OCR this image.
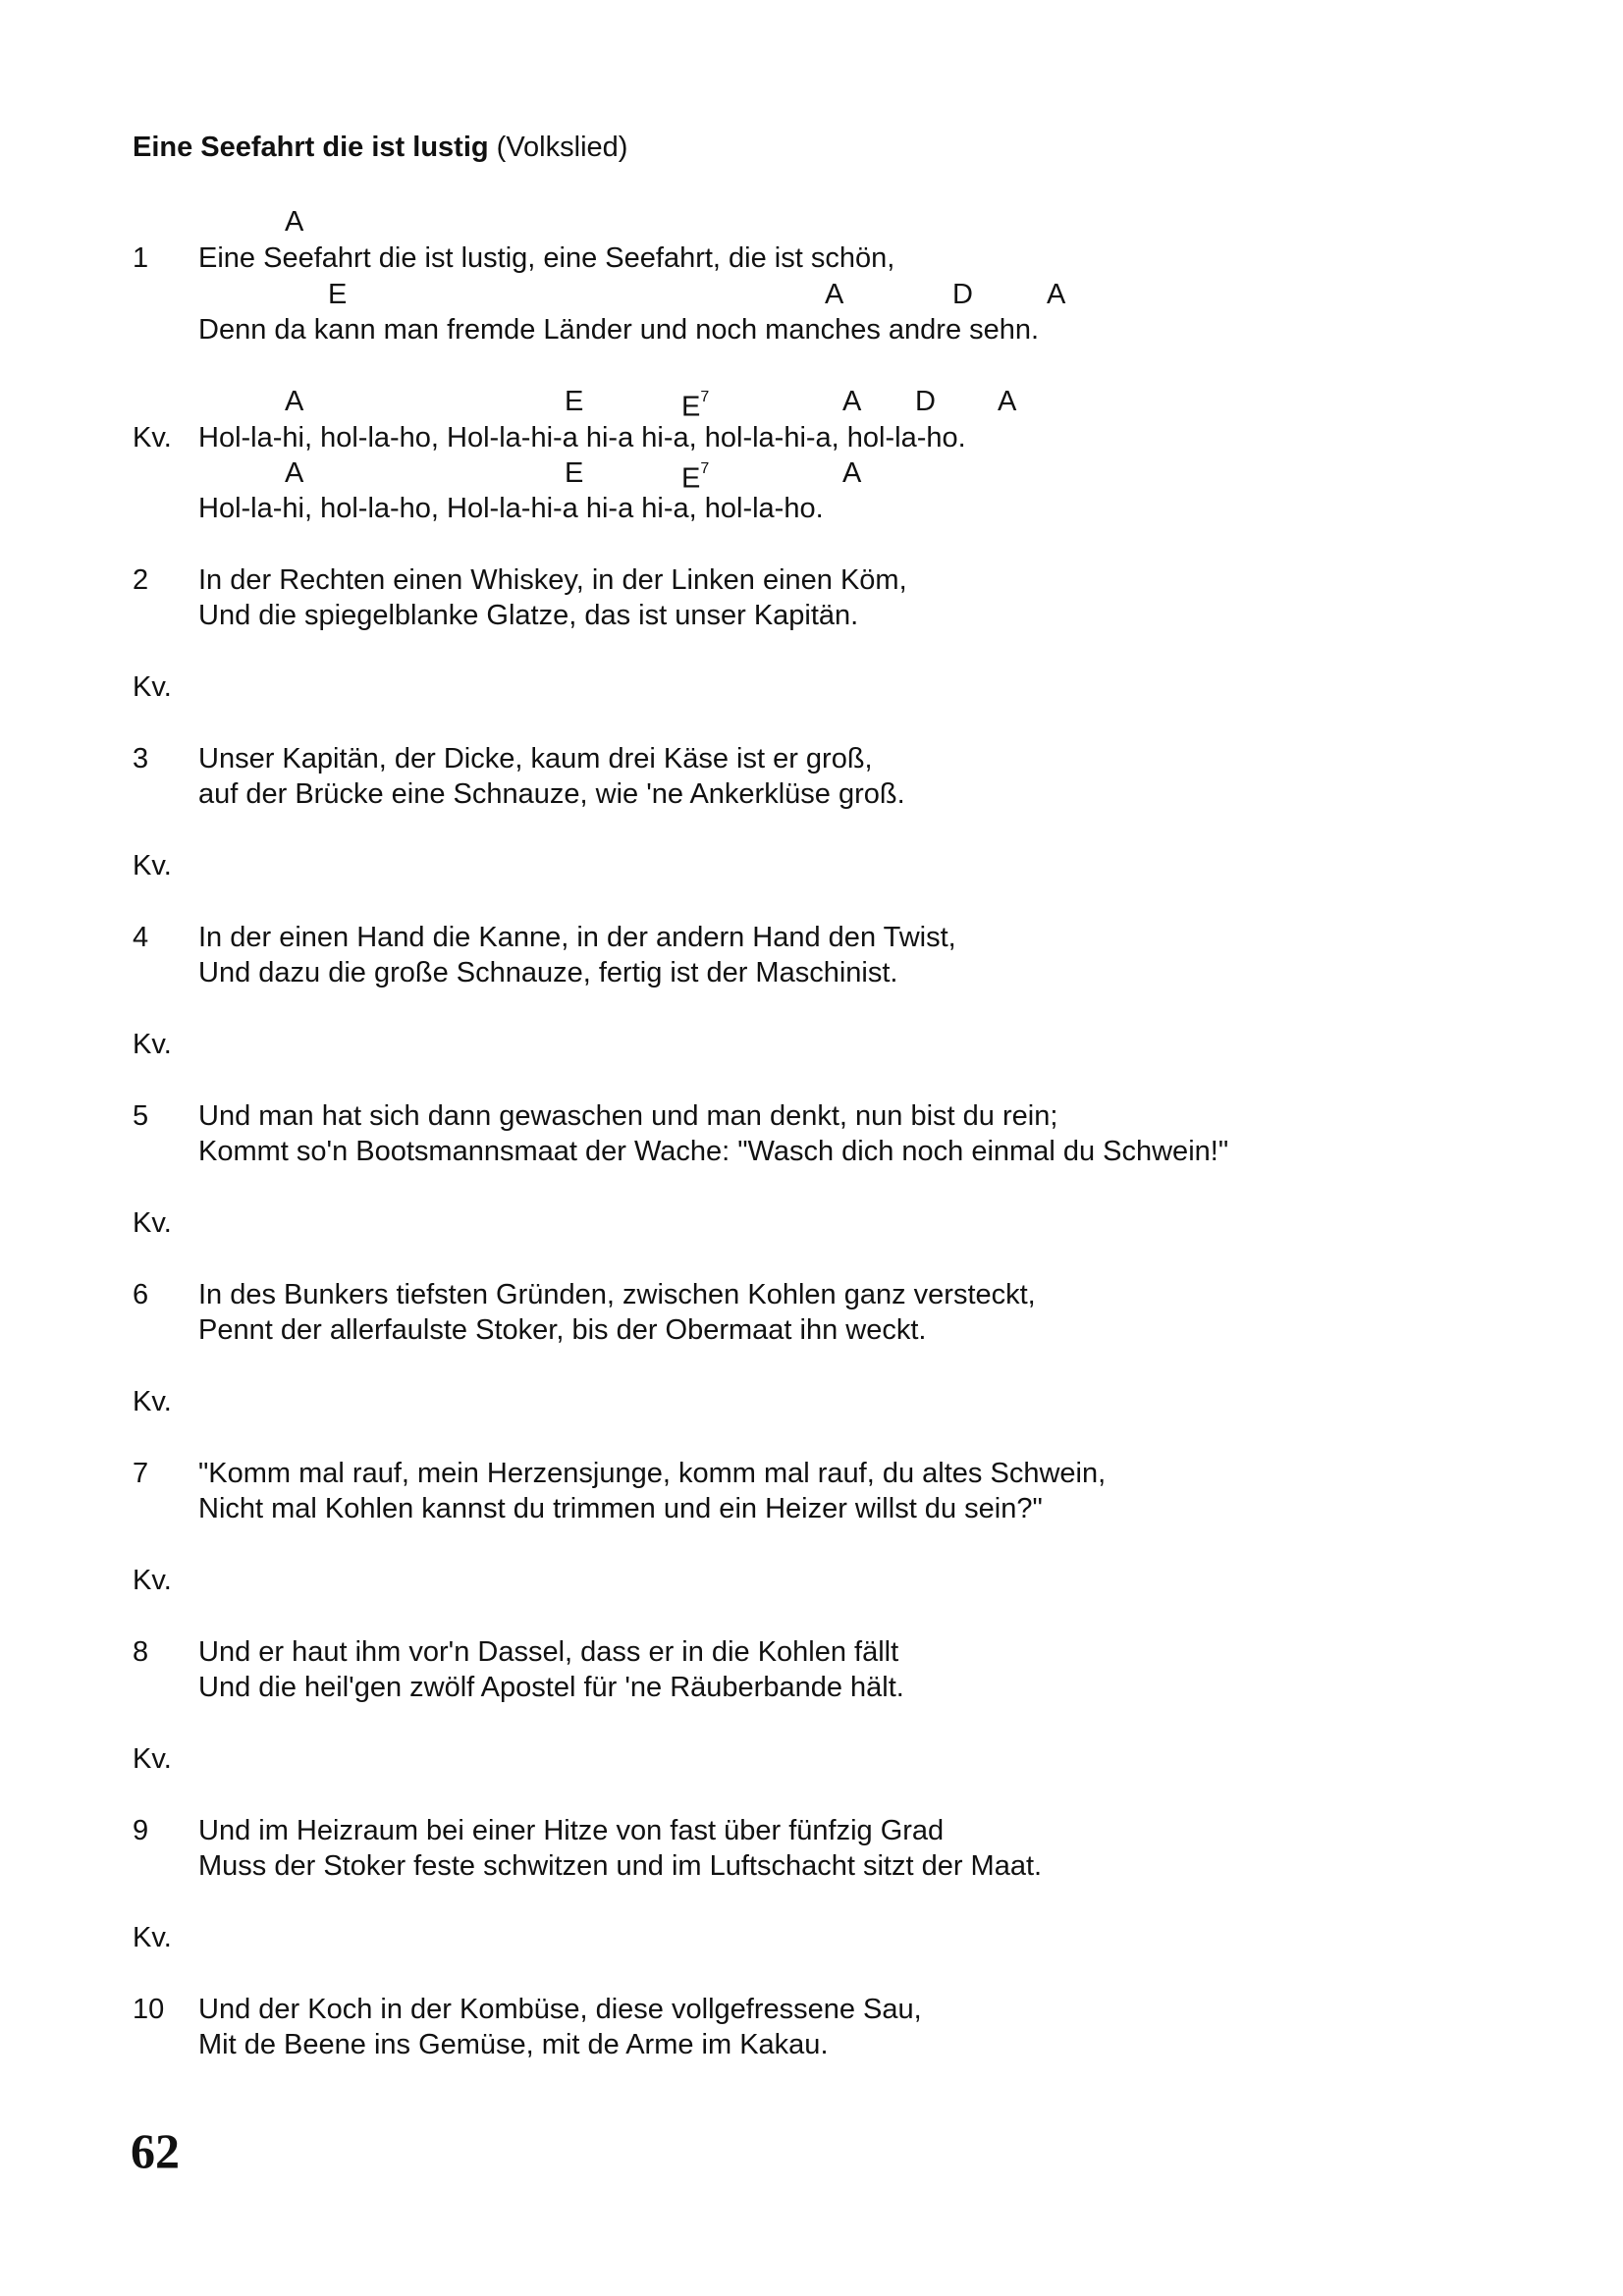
Eine Seefahrt die ist lustig (Volkslied)
A
1 Eine Seefahrt die ist lustig, eine Seefahrt, die ist schön,
E	A	D	A
Denn da kann man fremde Länder und noch manches andre sehn.
A	E	$E^7$	A D A
Kv. Hol-la-hi, hol-la-ho, Hol-la-hi-a hi-a hi-a, hol-la-hi-a, hol-la-ho.
A	E	$E^7$	A
Hol-la-hi, hol-la-ho, Hol-la-hi-a hi-a hi-a, hol-la-ho.
2 In der Rechten einen Whiskey, in der Linken einen Köm,
Und die spiegelblanke Glatze, das ist unser Kapitän.
Kv.
3 Unser Kapitän, der Dicke, kaum drei Käse ist er groß,
auf der Brücke eine Schnauze, wie 'ne Ankerklüse groß.
Kv.
4 In der einen Hand die Kanne, in der andern Hand den Twist,
Und dazu die große Schnauze, fertig ist der Maschinist.
Kv.
5 Und man hat sich dann gewaschen und man denkt, nun bist du rein;
Kommt so'n Bootsmannsmaat der Wache: "Wasch dich noch einmal du Schwein!"
Kv.
6 In des Bunkers tiefsten Gründen, zwischen Kohlen ganz versteckt,
Pennt der allerfaulste Stoker, bis der Obermaat ihn weckt.
Kv.
7 "Komm mal rauf, mein Herzensjunge, komm mal rauf, du altes Schwein,
Nicht mal Kohlen kannst du trimmen und ein Heizer willst du sein?"
Kv.
8 Und er haut ihm vor'n Dassel, dass er in die Kohlen fällt
Und die heil'gen zwölf Apostel für 'ne Räuberbande hält.
Kv.
9 Und im Heizraum bei einer Hitze von fast über fünfzig Grad
Muss der Stoker feste schwitzen und im Luftschacht sitzt der Maat.
Kv.
10 Und der Koch in der Kombüse, diese vollgefressene Sau,
Mit de Beene ins Gemüse, mit de Arme im Kakau.
62
